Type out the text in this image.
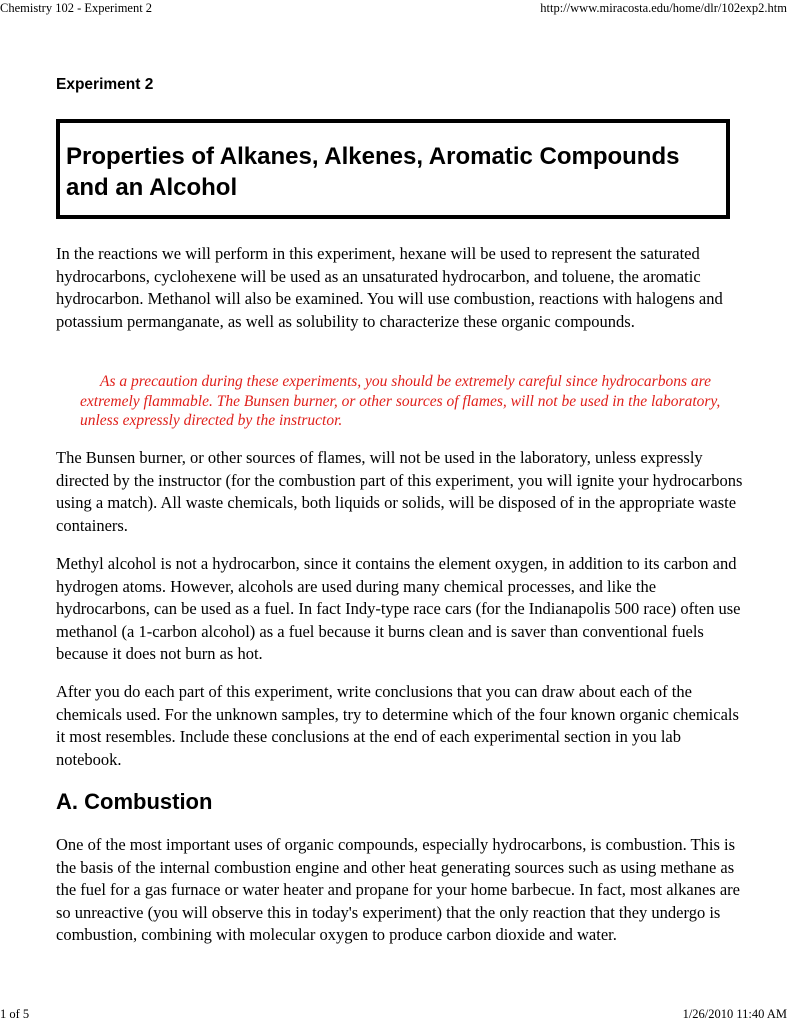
Chemistry 102 - Experiment 2	http://www.miracosta.edu/home/dlr/102exp2.htm
Experiment 2
Properties of Alkanes, Alkenes, Aromatic Compounds and an Alcohol

In the reactions we will perform in this experiment, hexane will be used to represent the saturated hydrocarbons, cyclohexene will be used as an unsaturated hydrocarbon, and toluene, the aromatic hydrocarbon. Methanol will also be examined. You will use combustion, reactions with halogens and potassium permanganate, as well as solubility to characterize these organic compounds.

As a precaution during these experiments, you should be extremely careful since hydrocarbons are extremely flammable. The Bunsen burner, or other sources of flames, will not be used in the laboratory, unless expressly directed by the instructor.

The Bunsen burner, or other sources of flames, will not be used in the laboratory, unless expressly directed by the instructor (for the combustion part of this experiment, you will ignite your hydrocarbons using a match). All waste chemicals, both liquids or solids, will be disposed of in the appropriate waste containers.

Methyl alcohol is not a hydrocarbon, since it contains the element oxygen, in addition to its carbon and hydrogen atoms. However, alcohols are used during many chemical processes, and like the hydrocarbons, can be used as a fuel. In fact Indy-type race cars (for the Indianapolis 500 race) often use methanol (a 1-carbon alcohol) as a fuel because it burns clean and is saver than conventional fuels because it does not burn as hot.

After you do each part of this experiment, write conclusions that you can draw about each of the chemicals used. For the unknown samples, try to determine which of the four known organic chemicals it most resembles. Include these conclusions at the end of each experimental section in you lab notebook.

A. Combustion

One of the most important uses of organic compounds, especially hydrocarbons, is combustion. This is the basis of the internal combustion engine and other heat generating sources such as using methane as the fuel for a gas furnace or water heater and propane for your home barbecue. In fact, most alkanes are so unreactive (you will observe this in today's experiment) that the only reaction that they undergo is combustion, combining with molecular oxygen to produce carbon dioxide and water.

1 of 5	1/26/2010 11:40 AM
